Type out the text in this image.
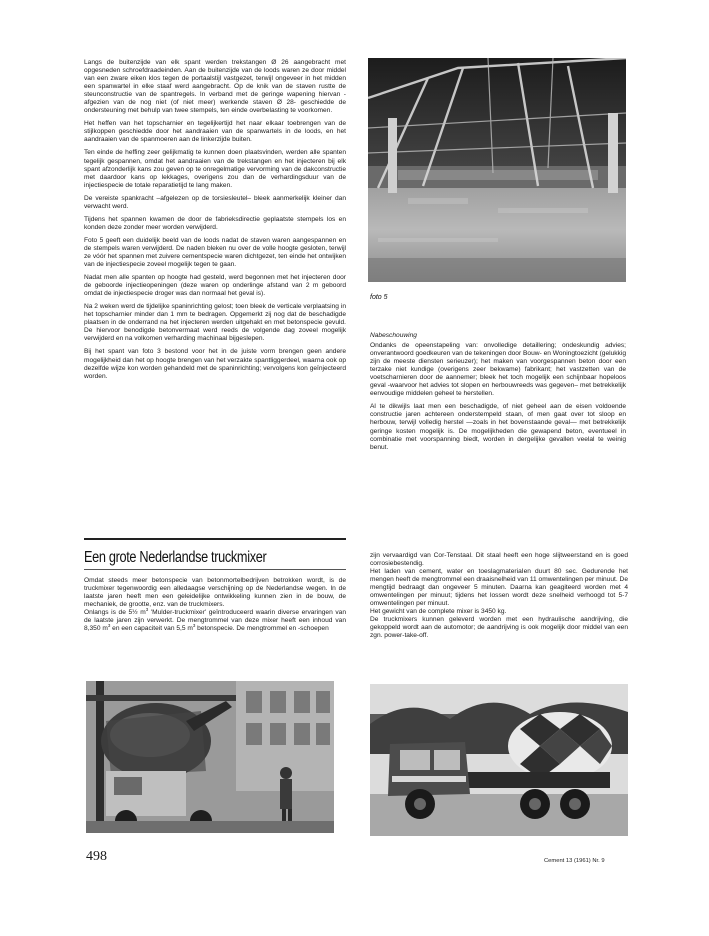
Langs de buitenzijde van elk spant werden trekstangen Ø 26 aangebracht met opgesneden schroefdraadeinden. Aan de buitenzijde van de loods waren ze door middel van een zware eiken klos tegen de portaalstijl vastgezet, terwijl ongeveer in het midden een spanwartel in elke staaf werd aangebracht. Op de knik van de staven rustte de steunconstructie van de spantregels. In verband met de geringe wapening hiervan -afgezien van de nog niet (of niet meer) werkende staven Ø 28- geschiedde de ondersteuning met behulp van twee stempels, ten einde overbelasting te voorkomen.

Het heffen van het topscharnier en tegelijkertijd het naar elkaar toebrengen van de stijlkoppen geschiedde door het aandraaien van de spanwartels in de loods, en het aandraaien van de spanmoeren aan de linkerzijde buiten.

Ten einde de heffing zeer gelijkmatig te kunnen doen plaatsvinden, werden alle spanten tegelijk gespannen, omdat het aandraaien van de trekstangen en het injecteren bij elk spant afzonderlijk kans zou geven op te onregelmatige vervorming van de dakconstructie met daardoor kans op lekkages, overigens zou dan de verhardingsduur van de injectiespecie de totale reparatietijd te lang maken.

De vereiste spankracht –afgelezen op de torsiesleutel– bleek aanmerkelijk kleiner dan verwacht werd.

Tijdens het spannen kwamen de door de fabrieksdirectie geplaatste stempels los en konden deze zonder meer worden verwijderd.

Foto 5 geeft een duidelijk beeld van de loods nadat de staven waren aangespannen en de stempels waren verwijderd. De naden bleken nu over de volle hoogte gesloten, terwijl ze vóór het spannen met zuivere cementspecie waren dichtgezet, ten einde het ontwijken van de injectiespecie zoveel mogelijk tegen te gaan.

Nadat men alle spanten op hoogte had gesteld, werd begonnen met het injecteren door de geboorde injectieopeningen (deze waren op onderlinge afstand van 2 m geboord omdat de injectiespecie droger was dan normaal het geval is).

Na 2 weken werd de tijdelijke spaninrichting gelost; toen bleek de verticale verplaatsing in het topscharnier minder dan 1 mm te bedragen. Opgemerkt zij nog dat de beschadigde plaatsen in de onderrand na het injecteren werden uitgehakt en met betonspecie gevuld. De hiervoor benodigde betonvermaat werd reeds de volgende dag zoveel mogelijk verwijderd en na volkomen verharding machinaal bijgeslepen.

Bij het spant van foto 3 bestond voor het in de juiste vorm brengen geen andere mogelijkheid dan het op hoogte brengen van het verzakte spantliggerdeel, waarna ook op dezelfde wijze kon worden gehandeld met de spaninrichting; vervolgens kon geïnjecteerd worden.

foto 5

Nabeschouwing

Ondanks de opeenstapeling van: onvolledige detaillering; ondeskundig advies; onverantwoord goedkeuren van de tekeningen door Bouw- en Woningtoezicht (gelukkig zijn de meeste diensten serieuzer); het maken van voorgespannen beton door een terzake niet kundige (overigens zeer bekwame) fabrikant; het vastzetten van de voetscharnieren door de aannemer; bleek het toch mogelijk een schijnbaar hopeloos geval -waarvoor het advies tot slopen en herbouwreeds was gegeven– met betrekkelijk eenvoudige middelen geheel te herstellen.

Al te dikwijls laat men een beschadigde, of niet geheel aan de eisen voldoende constructie jaren achtereen onderstempeld staan, of men gaat over tot sloop en herbouw, terwijl volledig herstel —zoals in het bovenstaande geval— met betrekkelijk geringe kosten mogelijk is. De mogelijkheden die gewapend beton, eventueel in combinatie met voorspanning biedt, worden in dergelijke gevallen veelal te weinig benut.

Een grote Nederlandse truckmixer

Omdat steeds meer betonspecie van betonmortelbedrijven betrokken wordt, is de truckmixer tegenwoordig een alledaagse verschijning op de Nederlandse wegen. In de laatste jaren heeft men een geleidelijke ontwikkeling kunnen zien in de bouw, de mechaniek, de grootte, enz. van de truckmixers.

Onlangs is de 5½ $m^3$ 'Mulder-truckmixer' geïntroduceerd waarin diverse ervaringen van de laatste jaren zijn verwerkt. De mengtrommel van deze mixer heeft een inhoud van 8,350 $m^3$ en een capaciteit van 5,5 $m^3$ betonspecie. De mengtrommel en -schoepen

zijn vervaardigd van Cor-Tenstaal. Dit staal heeft een hoge slijtweerstand en is goed corrosiebestendig.

Het laden van cement, water en toeslagmateriaIen duurt 80 sec. Gedurende het mengen heeft de mengtrommel een draaisnelheid van 11 omwentelingen per minuut. De mengtijd bedraagt dan ongeveer 5 minuten. Daarna kan geagiteerd worden met 4 omwentelingen per minuut; tijdens het lossen wordt deze snelheid verhoogd tot 5-7 omwentelingen per minuut.

Het gewicht van de complete mixer is 3450 kg.

De truckmixers kunnen geleverd worden met een hydraulische aandrijving, die gekoppeld wordt aan de automotor; de aandrijving is ook mogelijk door middel van een zgn. power-take-off.

498	Cement 13 (1961) Nr. 9
